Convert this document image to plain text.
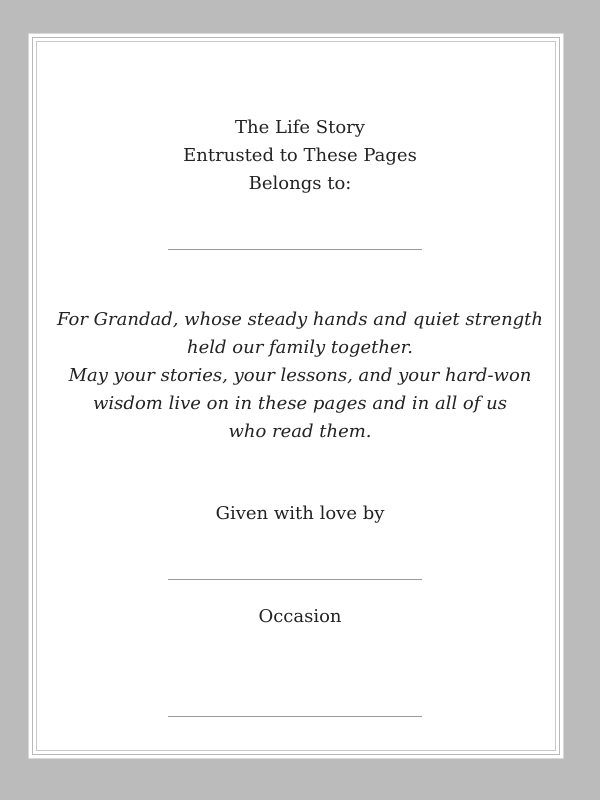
The Life Story
Entrusted to These Pages
Belongs to:
For Grandad, whose steady hands and quiet strength
held our family together.
May your stories, your lessons, and your hard-won
wisdom live on in these pages and in all of us
who read them.
Given with love by
Occasion
